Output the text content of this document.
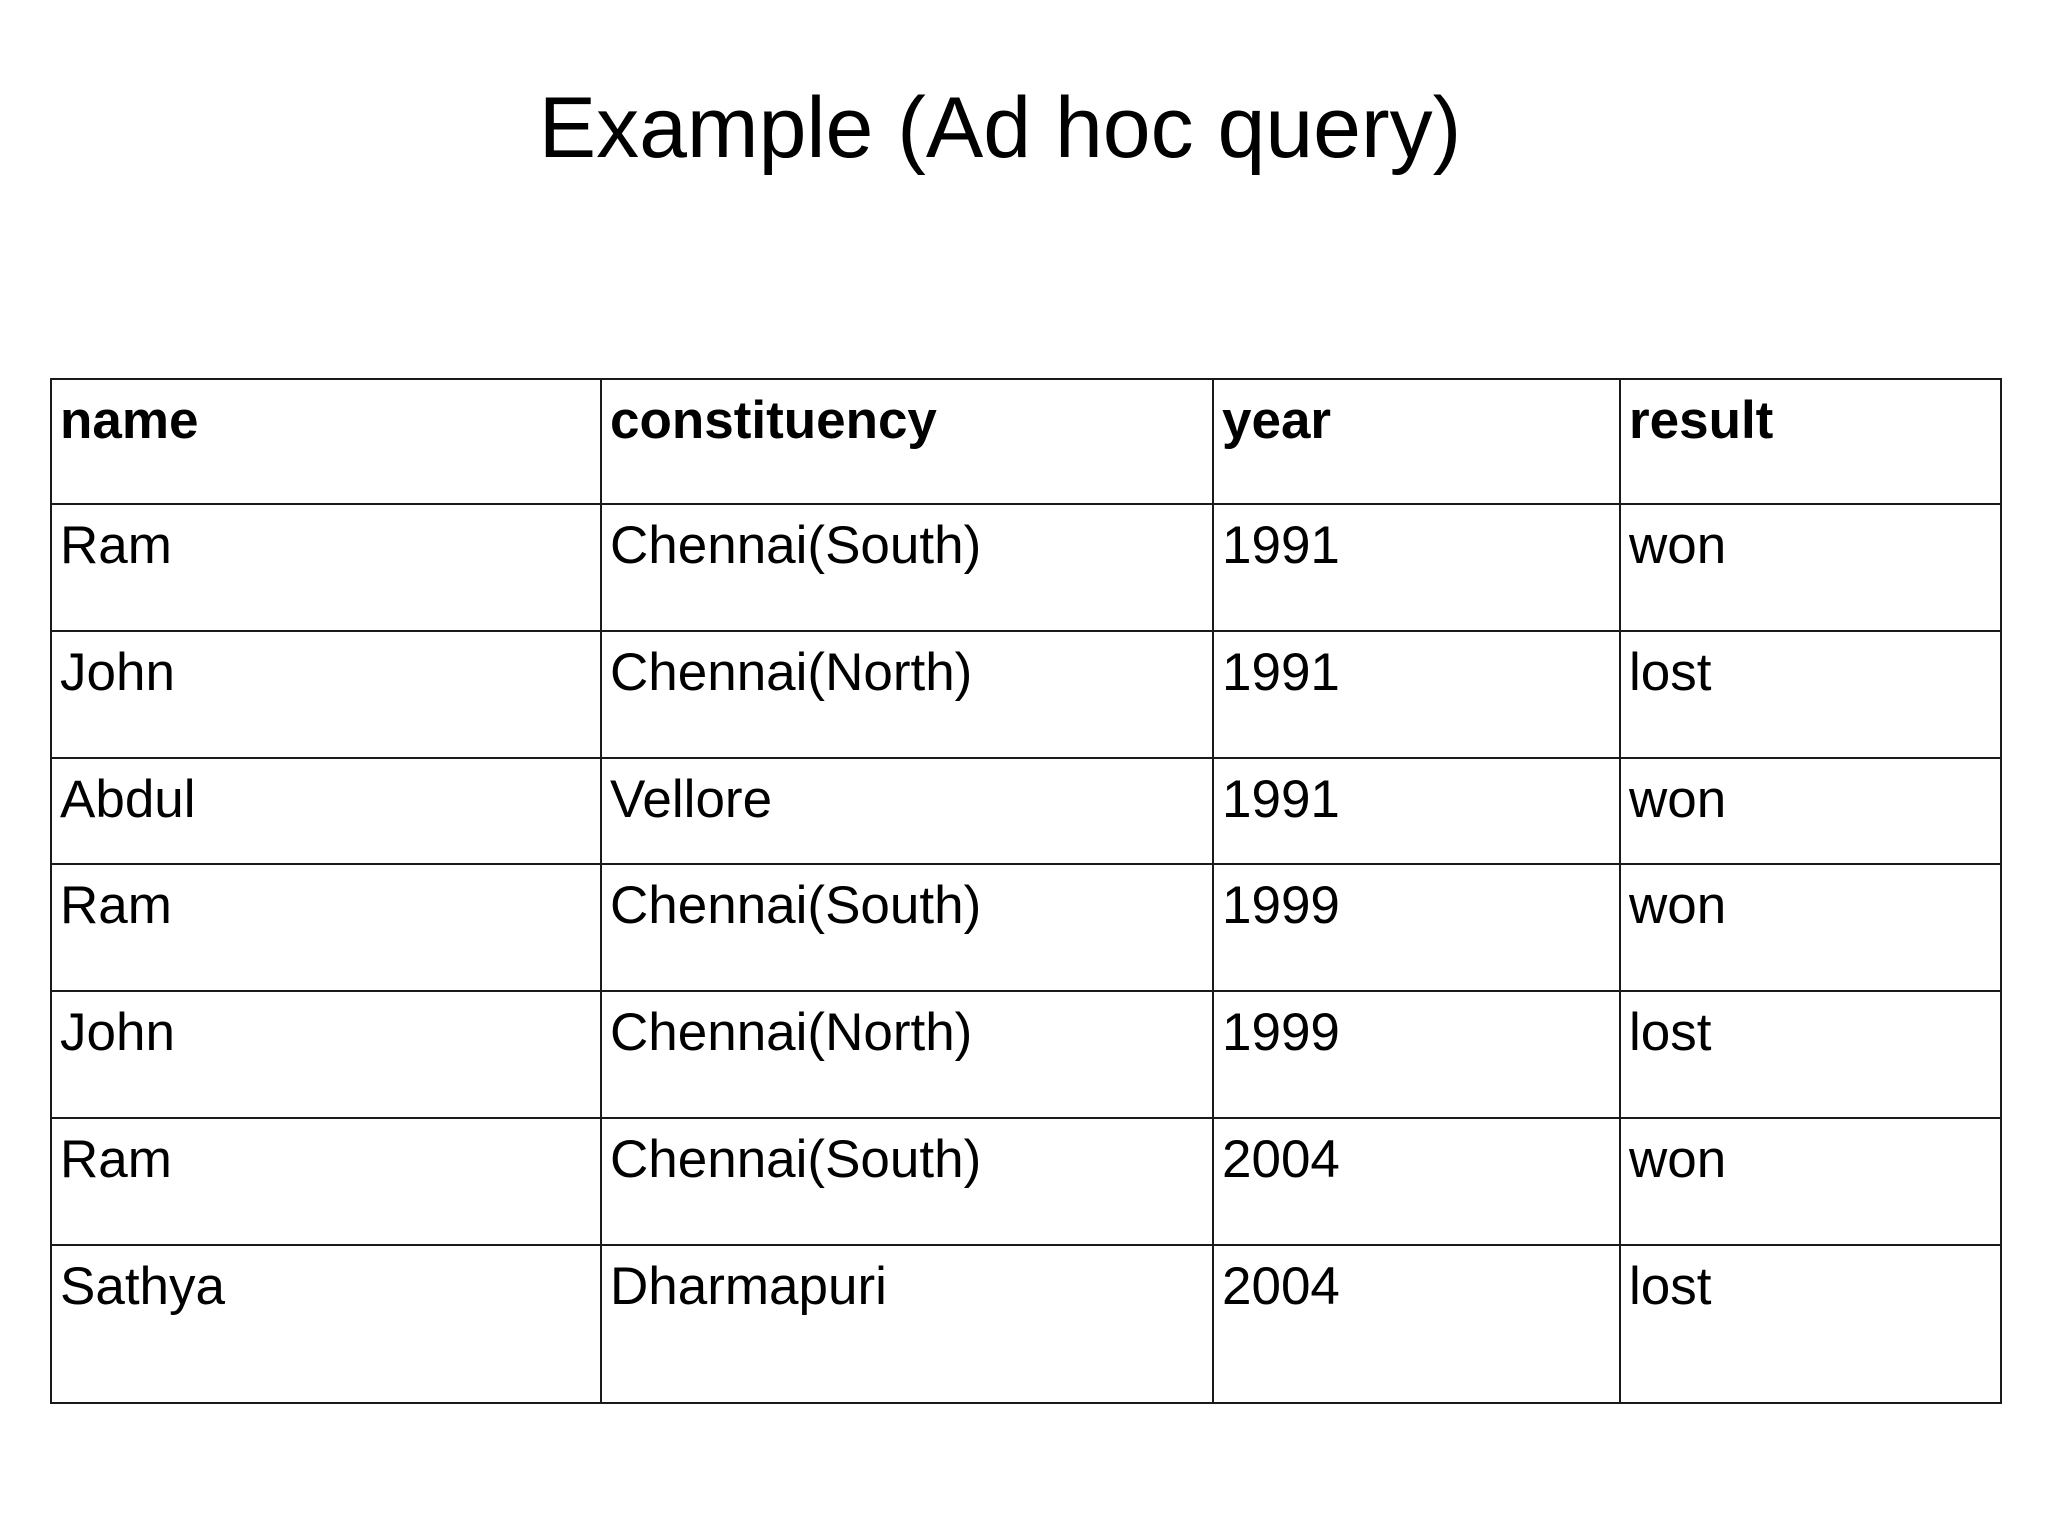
Example (Ad hoc query)
name	constituency	year	result
Ram	Chennai(South)	1991	won
John	Chennai(North)	1991	lost
Abdul	Vellore	1991	won
Ram	Chennai(South)	1999	won
John	Chennai(North)	1999	lost
Ram	Chennai(South)	2004	won
Sathya	Dharmapuri	2004	lost
